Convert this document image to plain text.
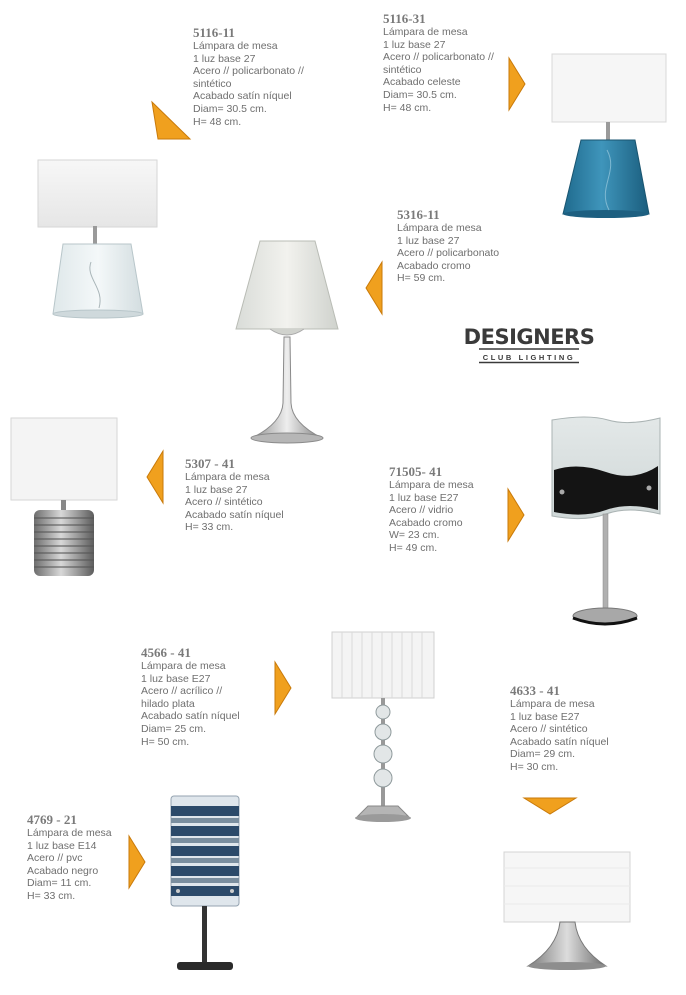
5116-11
Lámpara de mesa
1 luz base 27
Acero // policarbonato //
sintético
Acabado satín níquel
Diam= 30.5 cm.
H= 48 cm.
5116-31
Lámpara de mesa
1 luz base 27
Acero // policarbonato //
sintético
Acabado celeste
Diam= 30.5 cm.
H= 48 cm.
5316-11
Lámpara de mesa
1 luz base 27
Acero // policarbonato
Acabado cromo
H= 59 cm.
5307 - 41
Lámpara de mesa
1 luz base 27
Acero // sintético
Acabado satín níquel
H= 33 cm.
71505- 41
Lámpara de mesa
1 luz base E27
Acero // vidrio
Acabado cromo
W= 23 cm.
H= 49 cm.
4566 - 41
Lámpara de mesa
1 luz base E27
Acero // acrílico //
hilado plata
Acabado satín níquel
Diam= 25 cm.
H= 50 cm.
4633 - 41
Lámpara de mesa
1 luz base E27
Acero // sintético
Acabado satín níquel
Diam= 29 cm.
H= 30 cm.
4769 - 21
Lámpara de mesa
1 luz base E14
Acero // pvc
Acabado negro
Diam= 11 cm.
H= 33 cm.
DESIGNERS
CLUB LIGHTING
